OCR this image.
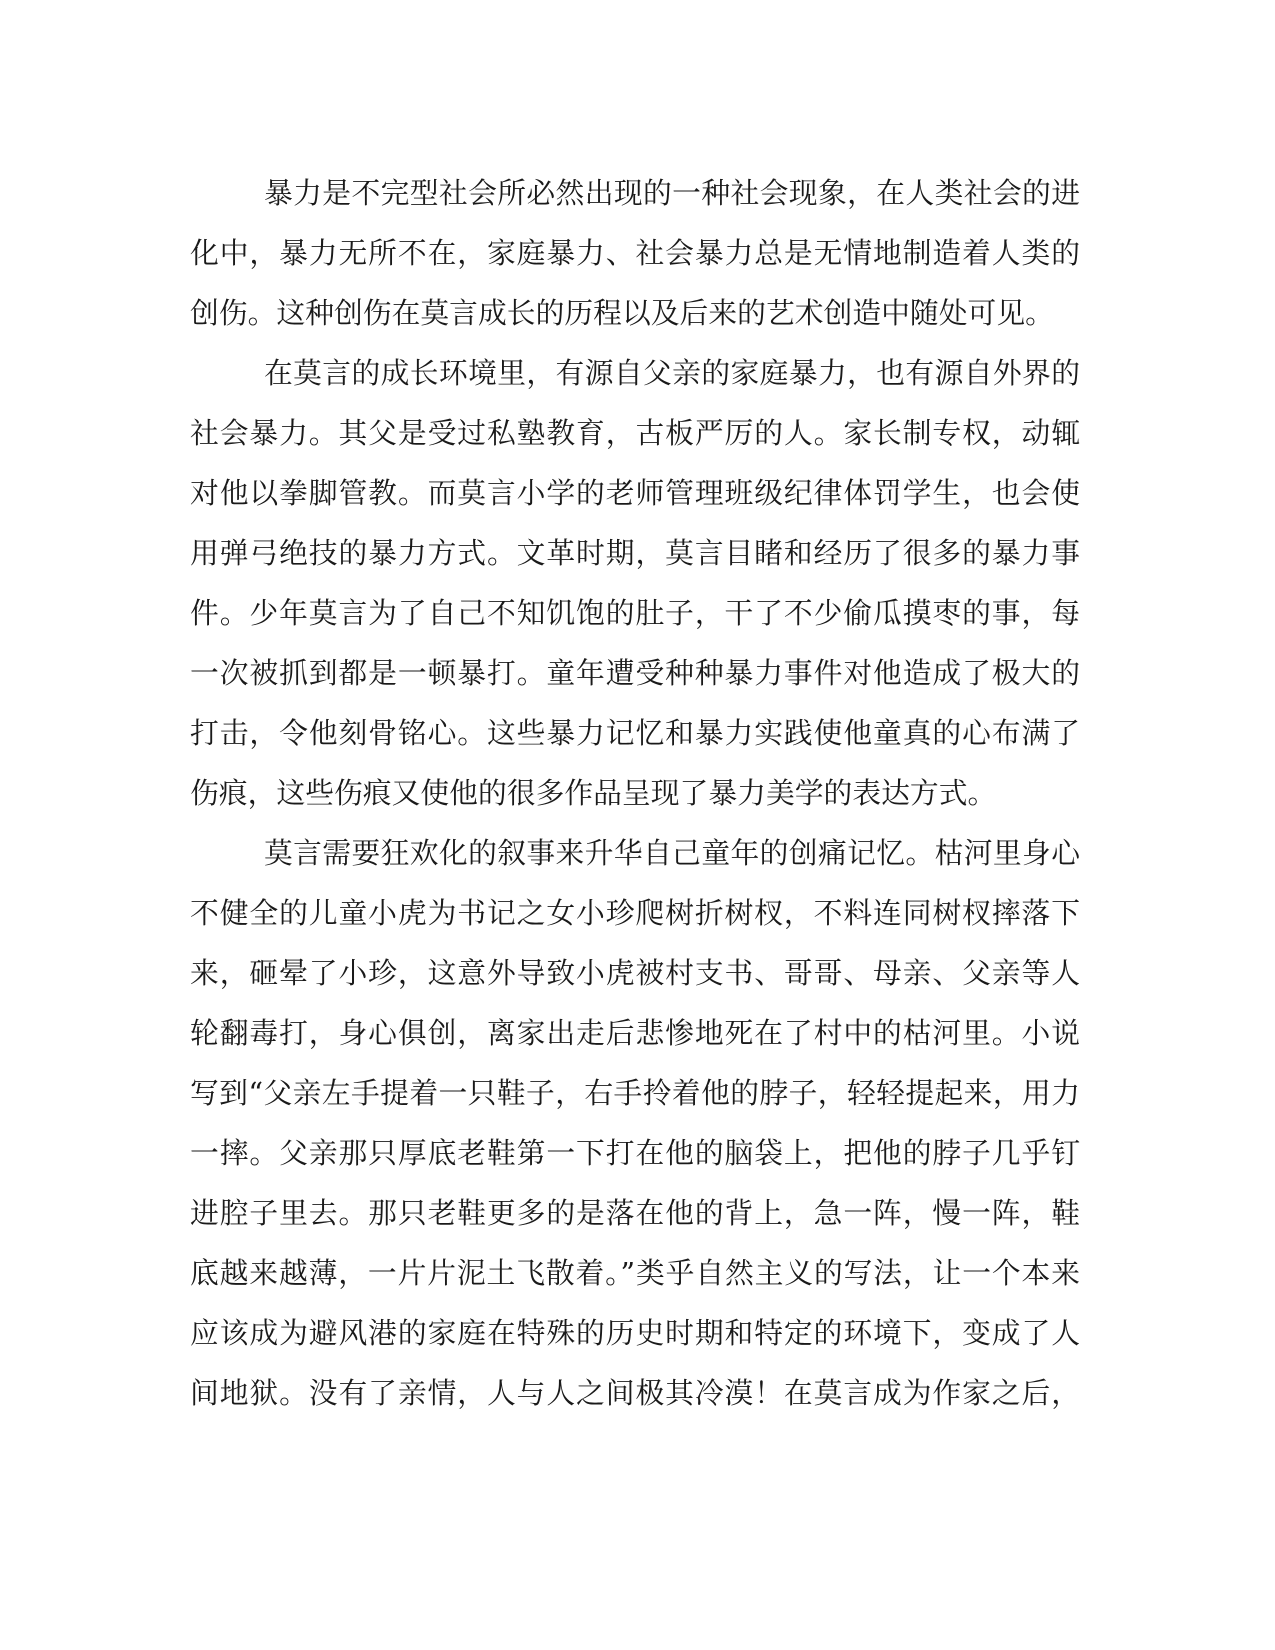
暴力是不完型社会所必然出现的一种社会现象，在人类社会的进
化中，暴力无所不在，家庭暴力、社会暴力总是无情地制造着人类的
创伤。这种创伤在莫言成长的历程以及后来的艺术创造中随处可见。
在莫言的成长环境里，有源自父亲的家庭暴力，也有源自外界的
社会暴力。其父是受过私塾教育，古板严厉的人。家长制专权，动辄
对他以拳脚管教。而莫言小学的老师管理班级纪律体罚学生，也会使
用弹弓绝技的暴力方式。文革时期，莫言目睹和经历了很多的暴力事
件。少年莫言为了自己不知饥饱的肚子，干了不少偷瓜摸枣的事，每
一次被抓到都是一顿暴打。童年遭受种种暴力事件对他造成了极大的
打击，令他刻骨铭心。这些暴力记忆和暴力实践使他童真的心布满了
伤痕，这些伤痕又使他的很多作品呈现了暴力美学的表达方式。
莫言需要狂欢化的叙事来升华自己童年的创痛记忆。枯河里身心
不健全的儿童小虎为书记之女小珍爬树折树杈，不料连同树杈摔落下
来，砸晕了小珍，这意外导致小虎被村支书、哥哥、母亲、父亲等人
轮翻毒打，身心俱创，离家出走后悲惨地死在了村中的枯河里。小说
写到“父亲左手提着一只鞋子，右手拎着他的脖子，轻轻提起来，用力
一摔。父亲那只厚底老鞋第一下打在他的脑袋上，把他的脖子几乎钉
进腔子里去。那只老鞋更多的是落在他的背上，急一阵，慢一阵，鞋
底越来越薄，一片片泥土飞散着。”类乎自然主义的写法，让一个本来
应该成为避风港的家庭在特殊的历史时期和特定的环境下，变成了人
间地狱。没有了亲情，人与人之间极其冷漠！在莫言成为作家之后，
